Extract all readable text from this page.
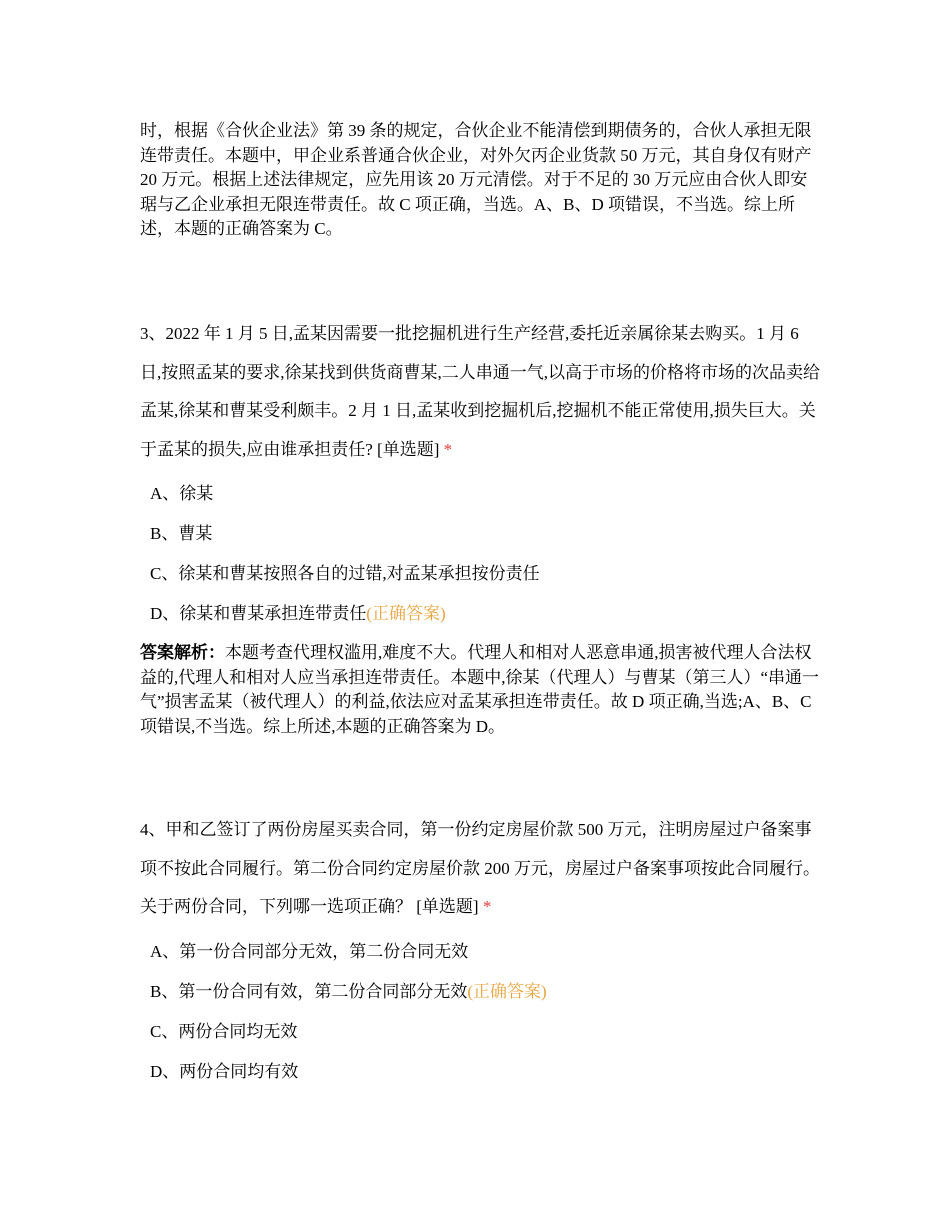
时，根据《合伙企业法》第 39 条的规定，合伙企业不能清偿到期债务的，合伙人承担无限连带责任。本题中，甲企业系普通合伙企业，对外欠丙企业货款 50 万元，其自身仅有财产 20 万元。根据上述法律规定，应先用该 20 万元清偿。对于不足的 30 万元应由合伙人即安琚与乙企业承担无限连带责任。故 C 项正确，当选。A、B、D 项错误，不当选。综上所述，本题的正确答案为 C。

3、2022 年 1 月 5 日,孟某因需要一批挖掘机进行生产经营,委托近亲属徐某去购买。1 月 6 日,按照孟某的要求,徐某找到供货商曹某,二人串通一气,以高于市场的价格将市场的次品卖给孟某,徐某和曹某受利颇丰。2 月 1 日,孟某收到挖掘机后,挖掘机不能正常使用,损失巨大。关于孟某的损失,应由谁承担责任? [单选题] *

A、徐某
B、曹某
C、徐某和曹某按照各自的过错,对孟某承担按份责任
D、徐某和曹某承担连带责任(正确答案)

答案解析：本题考查代理权滥用,难度不大。代理人和相对人恶意串通,损害被代理人合法权益的,代理人和相对人应当承担连带责任。本题中,徐某（代理人）与曹某（第三人）“串通一气”损害孟某（被代理人）的利益,依法应对孟某承担连带责任。故 D 项正确,当选;A、B、C 项错误,不当选。综上所述,本题的正确答案为 D。

4、甲和乙签订了两份房屋买卖合同，第一份约定房屋价款 500 万元，注明房屋过户备案事项不按此合同履行。第二份合同约定房屋价款 200 万元，房屋过户备案事项按此合同履行。关于两份合同，下列哪一选项正确？ [单选题] *

A、第一份合同部分无效，第二份合同无效
B、第一份合同有效，第二份合同部分无效(正确答案)
C、两份合同均无效
D、两份合同均有效
